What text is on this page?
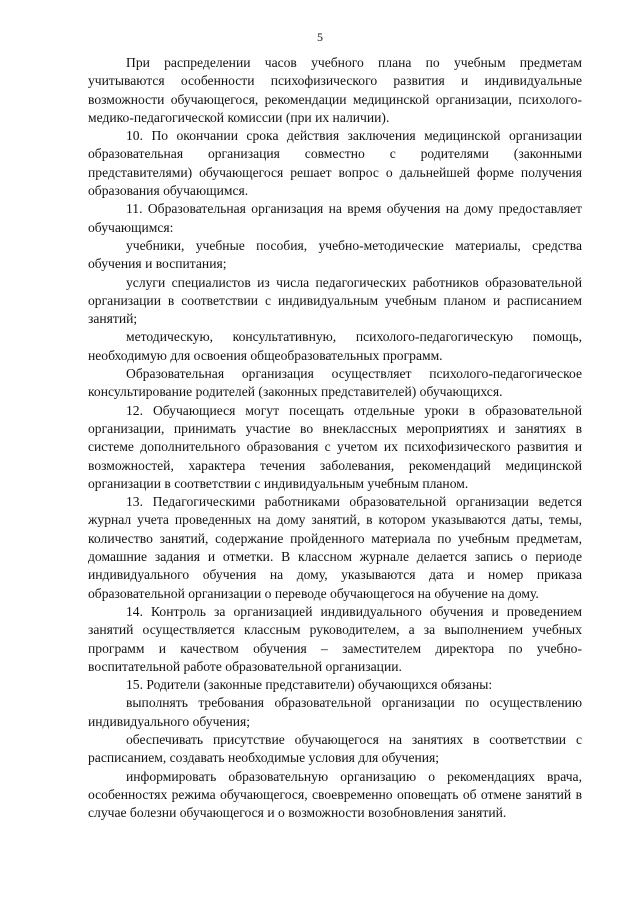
5

При распределении часов учебного плана по учебным предметам учитываются особенности психофизического развития и индивидуальные возможности обучающегося, рекомендации медицинской организации, психолого-медико-педагогической комиссии (при их наличии).

10. По окончании срока действия заключения медицинской организации образовательная организация совместно с родителями (законными представителями) обучающегося решает вопрос о дальнейшей форме получения образования обучающимся.

11. Образовательная организация на время обучения на дому предоставляет обучающимся:

учебники, учебные пособия, учебно-методические материалы, средства обучения и воспитания;

услуги специалистов из числа педагогических работников образовательной организации в соответствии с индивидуальным учебным планом и расписанием занятий;

методическую, консультативную, психолого-педагогическую помощь, необходимую для освоения общеобразовательных программ.

Образовательная организация осуществляет психолого-педагогическое консультирование родителей (законных представителей) обучающихся.

12. Обучающиеся могут посещать отдельные уроки в образовательной организации, принимать участие во внеклассных мероприятиях и занятиях в системе дополнительного образования с учетом их психофизического развития и возможностей, характера течения заболевания, рекомендаций медицинской организации в соответствии с индивидуальным учебным планом.

13. Педагогическими работниками образовательной организации ведется журнал учета проведенных на дому занятий, в котором указываются даты, темы, количество занятий, содержание пройденного материала по учебным предметам, домашние задания и отметки. В классном журнале делается запись о периоде индивидуального обучения на дому, указываются дата и номер приказа образовательной организации о переводе обучающегося на обучение на дому.

14. Контроль за организацией индивидуального обучения и проведением занятий осуществляется классным руководителем, а за выполнением учебных программ и качеством обучения – заместителем директора по учебно-воспитательной работе образовательной организации.

15. Родители (законные представители) обучающихся обязаны:

выполнять требования образовательной организации по осуществлению индивидуального обучения;

обеспечивать присутствие обучающегося на занятиях в соответствии с расписанием, создавать необходимые условия для обучения;

информировать образовательную организацию о рекомендациях врача, особенностях режима обучающегося, своевременно оповещать об отмене занятий в случае болезни обучающегося и о возможности возобновления занятий.
